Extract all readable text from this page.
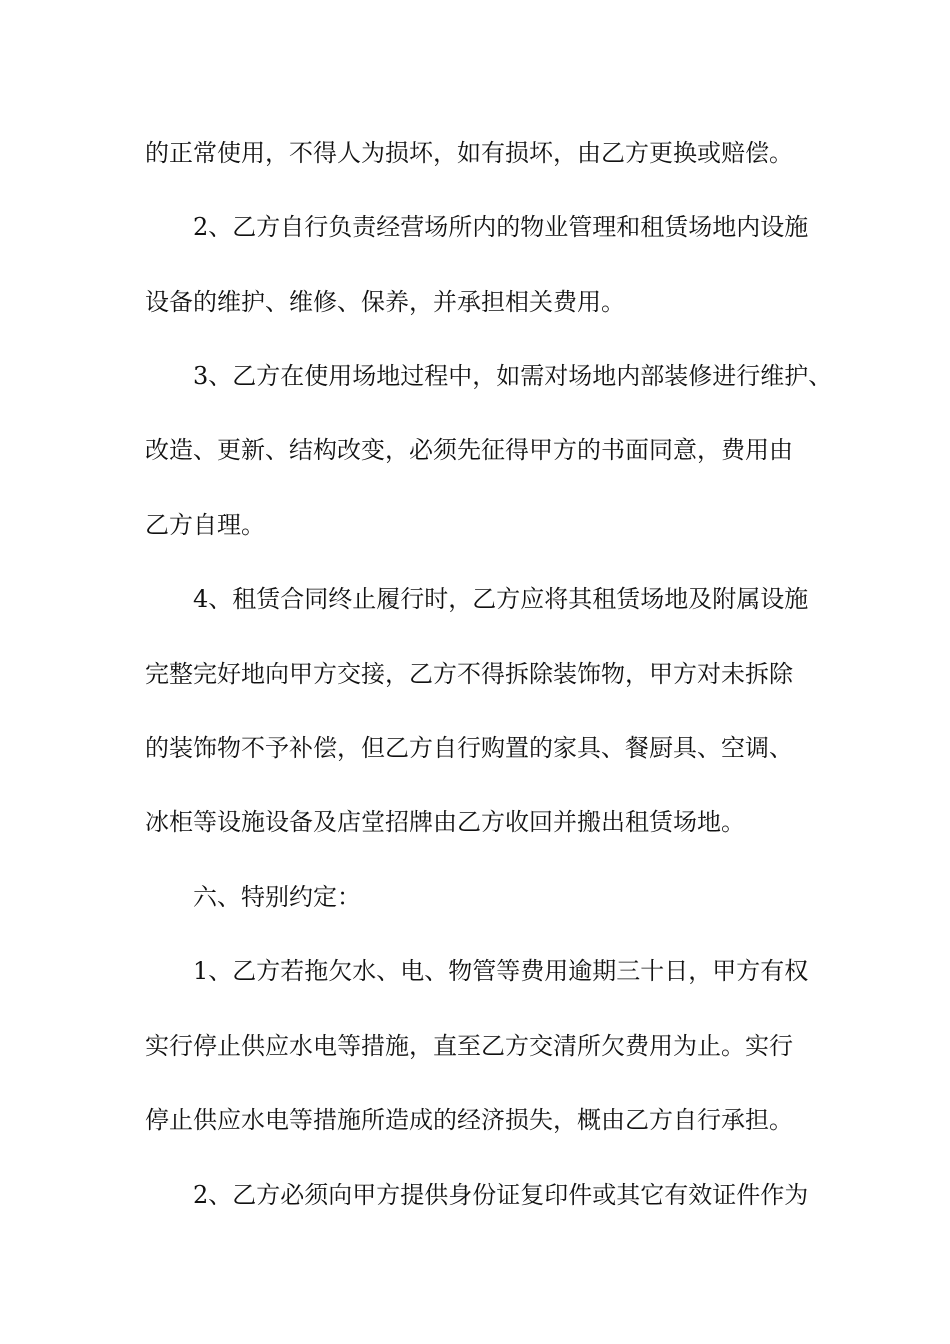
的正常使用，不得人为损坏，如有损坏，由乙方更换或赔偿。
2、乙方自行负责经营场所内的物业管理和租赁场地内设施
设备的维护、维修、保养，并承担相关费用。
3、乙方在使用场地过程中，如需对场地内部装修进行维护、
改造、更新、结构改变，必须先征得甲方的书面同意，费用由
乙方自理。
4、租赁合同终止履行时，乙方应将其租赁场地及附属设施
完整完好地向甲方交接，乙方不得拆除装饰物，甲方对未拆除
的装饰物不予补偿，但乙方自行购置的家具、餐厨具、空调、
冰柜等设施设备及店堂招牌由乙方收回并搬出租赁场地。
六、特别约定：
1、乙方若拖欠水、电、物管等费用逾期三十日，甲方有权
实行停止供应水电等措施，直至乙方交清所欠费用为止。实行
停止供应水电等措施所造成的经济损失，概由乙方自行承担。
2、乙方必须向甲方提供身份证复印件或其它有效证件作为
